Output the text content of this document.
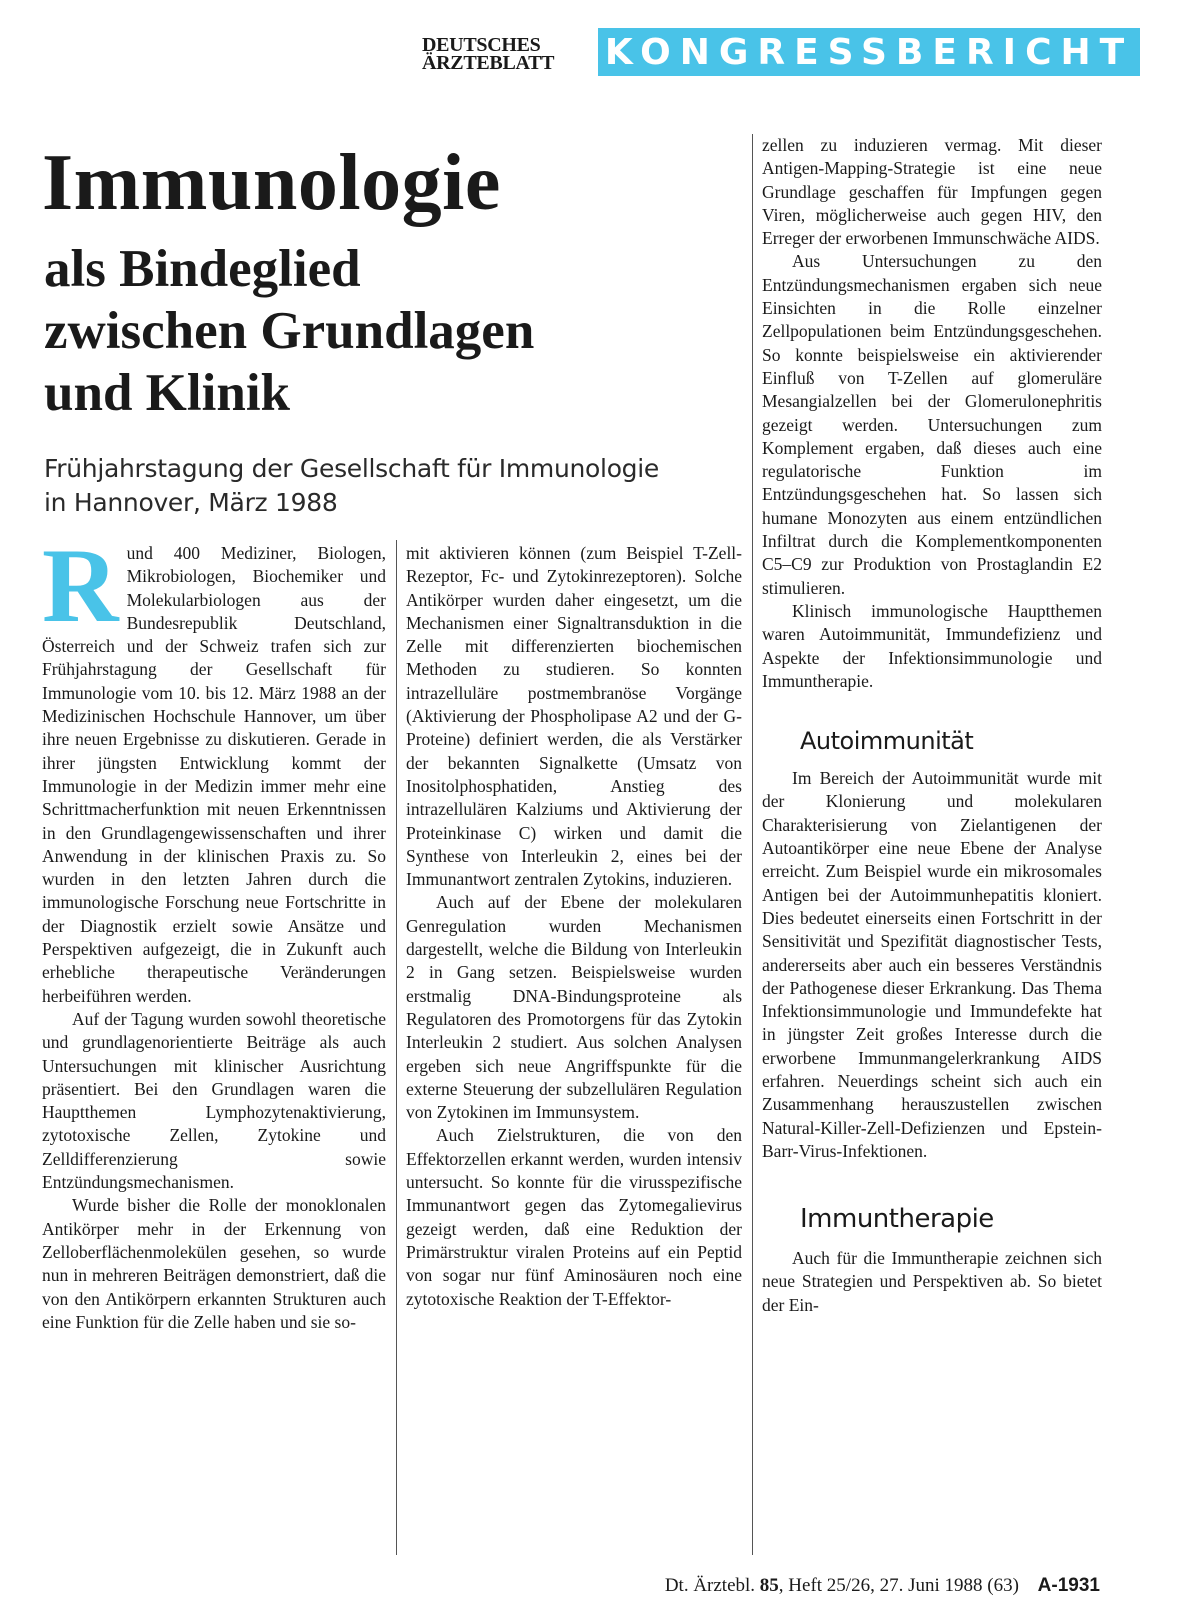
DEUTSCHES
ÄRZTEBLATT	KONGRESSBERICHT
Immunologie
als Bindeglied
zwischen Grundlagen
und Klinik

Frühjahrstagung der Gesellschaft für Immunologie
in Hannover, März 1988

Rund 400 Mediziner, Biologen, Mikrobiologen, Biochemiker und Molekularbiologen aus der Bundesrepublik Deutschland, Österreich und der Schweiz trafen sich zur Frühjahrstagung der Gesellschaft für Immunologie vom 10. bis 12. März 1988 an der Medizinischen Hochschule Hannover, um über ihre neuen Ergebnisse zu diskutieren. Gerade in ihrer jüngsten Entwicklung kommt der Immunologie in der Medizin immer mehr eine Schrittmacherfunktion mit neuen Erkenntnissen in den Grundlagengewissenschaften und ihrer Anwendung in der klinischen Praxis zu. So wurden in den letzten Jahren durch die immunologische Forschung neue Fortschritte in der Diagnostik erzielt sowie Ansätze und Perspektiven aufgezeigt, die in Zukunft auch erhebliche therapeutische Veränderungen herbeiführen werden.

Auf der Tagung wurden sowohl theoretische und grundlagenorientierte Beiträge als auch Untersuchungen mit klinischer Ausrichtung präsentiert. Bei den Grundlagen waren die Hauptthemen Lymphozytenaktivierung, zytotoxische Zellen, Zytokine und Zelldifferenzierung sowie Entzündungsmechanismen.

Wurde bisher die Rolle der monoklonalen Antikörper mehr in der Erkennung von Zelloberflächenmolekülen gesehen, so wurde nun in mehreren Beiträgen demonstriert, daß die von den Antikörpern erkannten Strukturen auch eine Funktion für die Zelle haben und sie so-

mit aktivieren können (zum Beispiel T-Zell-Rezeptor, Fc- und Zytokinrezeptoren). Solche Antikörper wurden daher eingesetzt, um die Mechanismen einer Signaltransduktion in die Zelle mit differenzierten biochemischen Methoden zu studieren. So konnten intrazelluläre postmembranöse Vorgänge (Aktivierung der Phospholipase A2 und der G-Proteine) definiert werden, die als Verstärker der bekannten Signalkette (Umsatz von Inositolphosphatiden, Anstieg des intrazellulären Kalziums und Aktivierung der Proteinkinase C) wirken und damit die Synthese von Interleukin 2, eines bei der Immunantwort zentralen Zytokins, induzieren.

Auch auf der Ebene der molekularen Genregulation wurden Mechanismen dargestellt, welche die Bildung von Interleukin 2 in Gang setzen. Beispielsweise wurden erstmalig DNA-Bindungsproteine als Regulatoren des Promotorgens für das Zytokin Interleukin 2 studiert. Aus solchen Analysen ergeben sich neue Angriffspunkte für die externe Steuerung der subzellulären Regulation von Zytokinen im Immunsystem.

Auch Zielstrukturen, die von den Effektorzellen erkannt werden, wurden intensiv untersucht. So konnte für die virusspezifische Immunantwort gegen das Zytomegalievirus gezeigt werden, daß eine Reduktion der Primärstruktur viralen Proteins auf ein Peptid von sogar nur fünf Aminosäuren noch eine zytotoxische Reaktion der T-Effektor-

zellen zu induzieren vermag. Mit dieser Antigen-Mapping-Strategie ist eine neue Grundlage geschaffen für Impfungen gegen Viren, möglicherweise auch gegen HIV, den Erreger der erworbenen Immunschwäche AIDS.

Aus Untersuchungen zu den Entzündungsmechanismen ergaben sich neue Einsichten in die Rolle einzelner Zellpopulationen beim Entzündungsgeschehen. So konnte beispielsweise ein aktivierender Einfluß von T-Zellen auf glomeruläre Mesangialzellen bei der Glomerulonephritis gezeigt werden. Untersuchungen zum Komplement ergaben, daß dieses auch eine regulatorische Funktion im Entzündungsgeschehen hat. So lassen sich humane Monozyten aus einem entzündlichen Infiltrat durch die Komplementkomponenten C5–C9 zur Produktion von Prostaglandin E2 stimulieren.

Klinisch immunologische Hauptthemen waren Autoimmunität, Immundefizienz und Aspekte der Infektionsimmunologie und Immuntherapie.

Autoimmunität

Im Bereich der Autoimmunität wurde mit der Klonierung und molekularen Charakterisierung von Zielantigenen der Autoantikörper eine neue Ebene der Analyse erreicht. Zum Beispiel wurde ein mikrosomales Antigen bei der Autoimmunhepatitis kloniert. Dies bedeutet einerseits einen Fortschritt in der Sensitivität und Spezifität diagnostischer Tests, andererseits aber auch ein besseres Verständnis der Pathogenese dieser Erkrankung. Das Thema Infektionsimmunologie und Immundefekte hat in jüngster Zeit großes Interesse durch die erworbene Immunmangelerkrankung AIDS erfahren. Neuerdings scheint sich auch ein Zusammenhang herauszustellen zwischen Natural-Killer-Zell-Defizienzen und Epstein-Barr-Virus-Infektionen.

Immuntherapie

Auch für die Immuntherapie zeichnen sich neue Strategien und Perspektiven ab. So bietet der Ein-

Dt. Ärztebl. 85, Heft 25/26, 27. Juni 1988 (63) A-1931
